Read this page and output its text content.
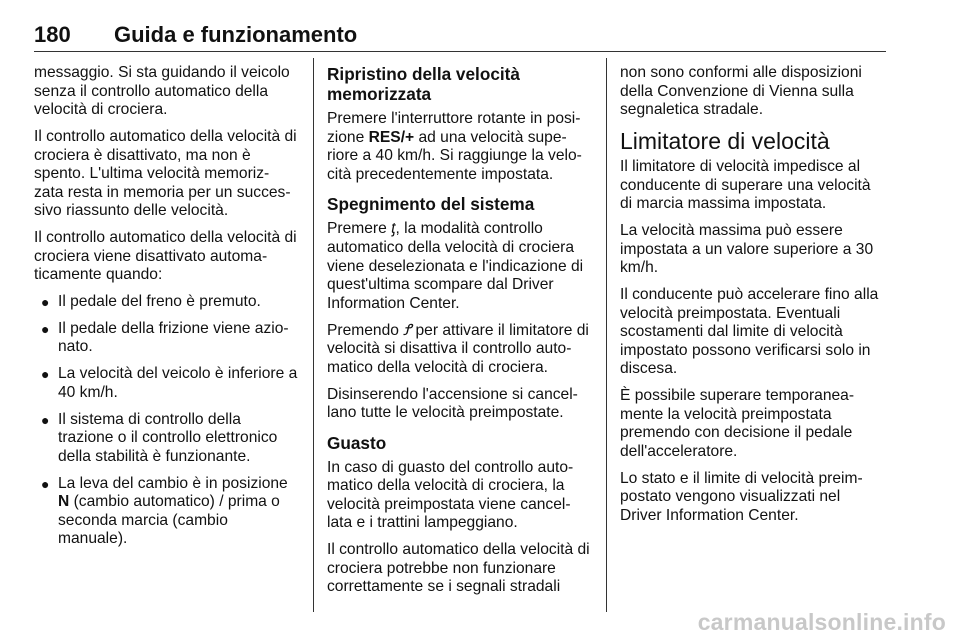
180 Guida e funzionamento

messaggio. Si sta guidando il veicolo senza il controllo automatico della velocità di crociera.

Il controllo automatico della velocità di crociera è disattivato, ma non è spento. L'ultima velocità memoriz- zata resta in memoria per un succes- sivo riassunto delle velocità.

Il controllo automatico della velocità di crociera viene disattivato automa- ticamente quando:

● Il pedale del freno è premuto.
● Il pedale della frizione viene azio- nato.
● La velocità del veicolo è inferiore a 40 km/h.
● Il sistema di controllo della trazione o il controllo elettronico della stabilità è funzionante.
● La leva del cambio è in posizione N (cambio automatico) / prima o seconda marcia (cambio manuale).
Ripristino della velocità memorizzata

Premere l'interruttore rotante in posi- zione RES/+ ad una velocità supe- riore a 40 km/h. Si raggiunge la velo- cità precedentemente impostata.

Spegnimento del sistema

Premere ƫ, la modalità controllo automatico della velocità di crociera viene deselezionata e l'indicazione di quest'ultima scompare dal Driver Information Center.

Premendo Ꝭ per attivare il limitatore di velocità si disattiva il controllo auto- matico della velocità di crociera.

Disinserendo l'accensione si cancel- lano tutte le velocità preimpostate.

Guasto

In caso di guasto del controllo auto- matico della velocità di crociera, la velocità preimpostata viene cancel- lata e i trattini lampeggiano.

Il controllo automatico della velocità di crociera potrebbe non funzionare correttamente se i segnali stradali

non sono conformi alle disposizioni della Convenzione di Vienna sulla segnaletica stradale.

Limitatore di velocità

Il limitatore di velocità impedisce al conducente di superare una velocità di marcia massima impostata.

La velocità massima può essere impostata a un valore superiore a 30 km/h.

Il conducente può accelerare fino alla velocità preimpostata. Eventuali scostamenti dal limite di velocità impostato possono verificarsi solo in discesa.

È possibile superare temporanea- mente la velocità preimpostata premendo con decisione il pedale dell'acceleratore.

Lo stato e il limite di velocità preim- postato vengono visualizzati nel Driver Information Center.

carmanualsonline.info
